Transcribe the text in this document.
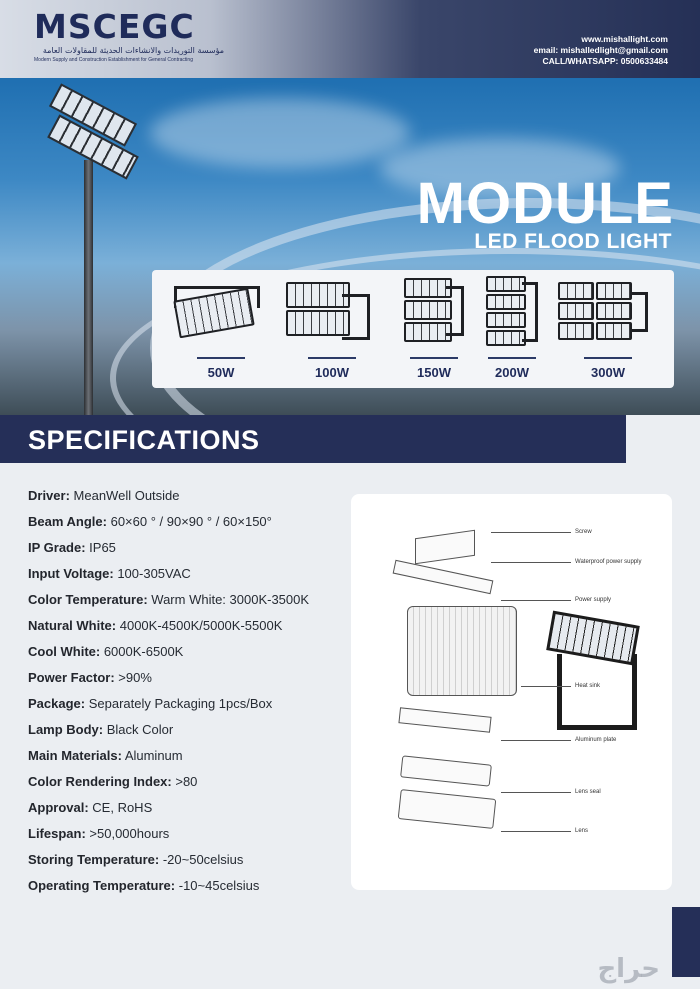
MSCEGC
مؤسسة التوريدات والانشاءات الحديثة للمقاولات العامة
Modern Supply and Construction Establishment for General Contracting
www.mishallight.com
email: mishalledlight@gmail.com
CALL/WHATSAPP: 0500633484
MODULE
LED FLOOD LIGHT
50W	100W	150W	200W	300W
SPECIFICATIONS
Driver: MeanWell Outside
Beam Angle: 60×60 ° / 90×90 ° / 60×150°
IP Grade: IP65
Input Voltage: 100-305VAC
Color Temperature: Warm White: 3000K-3500K
Natural White: 4000K-4500K/5000K-5500K
Cool White: 6000K-6500K
Power Factor: >90%
Package: Separately Packaging 1pcs/Box
Lamp Body: Black Color
Main Materials: Aluminum
Color Rendering Index: >80
Approval: CE, RoHS
Lifespan: >50,000hours
Storing Temperature: -20~50celsius
Operating Temperature: -10~45celsius
Screw
Waterproof power supply
Power supply
Heat sink
Aluminum plate
Lens seal
Lens
حراج
